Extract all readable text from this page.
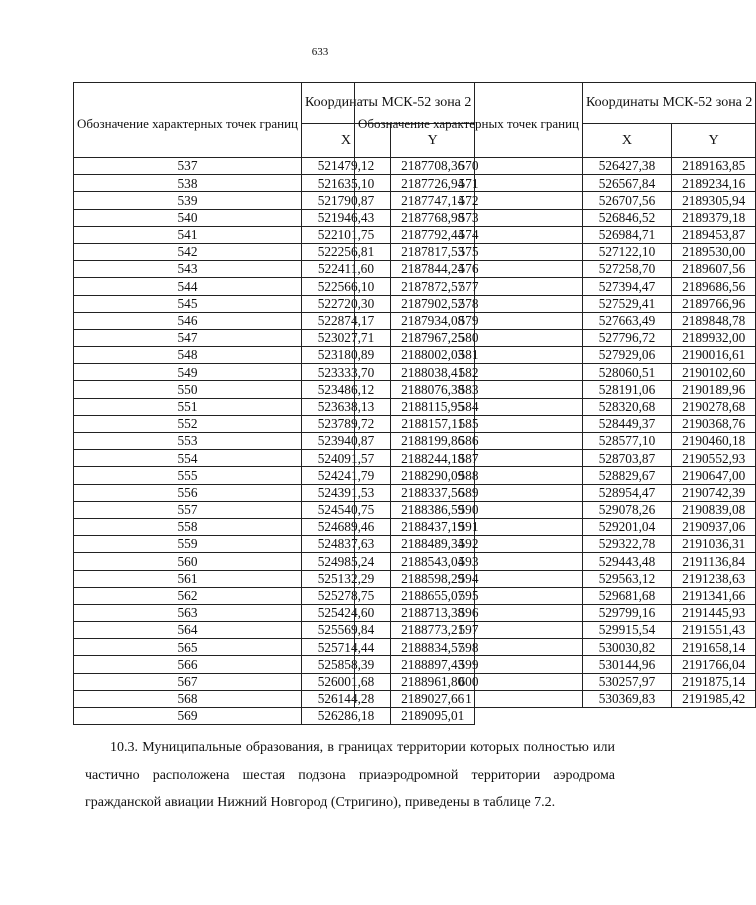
633
Обозначение характерных точек границ	Координаты МСК-52 зона 2	
	X	Y
537	521479,12	2187708,36
538	521635,10	2187726,94
539	521790,87	2187747,14
540	521946,43	2187768,98
541	522101,75	2187792,44
542	522256,81	2187817,53
543	522411,60	2187844,24
544	522566,10	2187872,57
545	522720,30	2187902,52
546	522874,17	2187934,08
547	523027,71	2187967,25
548	523180,89	2188002,03
549	523333,70	2188038,41
550	523486,12	2188076,38
551	523638,13	2188115,95
552	523789,72	2188157,11
553	523940,87	2188199,86
554	524091,57	2188244,18
555	524241,79	2188290,09
556	524391,53	2188337,56
557	524540,75	2188386,59
558	524689,46	2188437,19
559	524837,63	2188489,34
560	524985,24	2188543,04
561	525132,29	2188598,29
562	525278,75	2188655,07
563	525424,60	2188713,38
564	525569,84	2188773,21
565	525714,44	2188834,57
566	525858,39	2188897,43
567	526001,68	2188961,80
568	526144,28	2189027,66
569	526286,18	2189095,01
Обозначение характерных точек границ	Координаты МСК-52 зона 2	
	X	Y
570	526427,38	2189163,85
571	526567,84	2189234,16
572	526707,56	2189305,94
573	526846,52	2189379,18
574	526984,71	2189453,87
575	527122,10	2189530,00
576	527258,70	2189607,56
577	527394,47	2189686,56
578	527529,41	2189766,96
579	527663,49	2189848,78
580	527796,72	2189932,00
581	527929,06	2190016,61
582	528060,51	2190102,60
583	528191,06	2190189,96
584	528320,68	2190278,68
585	528449,37	2190368,76
586	528577,10	2190460,18
587	528703,87	2190552,93
588	528829,67	2190647,00
589	528954,47	2190742,39
590	529078,26	2190839,08
591	529201,04	2190937,06
592	529322,78	2191036,31
593	529443,48	2191136,84
594	529563,12	2191238,63
595	529681,68	2191341,66
596	529799,16	2191445,93
597	529915,54	2191551,43
598	530030,82	2191658,14
599	530144,96	2191766,04
600	530257,97	2191875,14
1	530369,83	2191985,42

10.3. Муниципальные образования, в границах территории которых полностью или частично расположена шестая подзона приаэродромной территории аэродрома гражданской авиации Нижний Новгород (Стригино), приведены в таблице 7.2.
